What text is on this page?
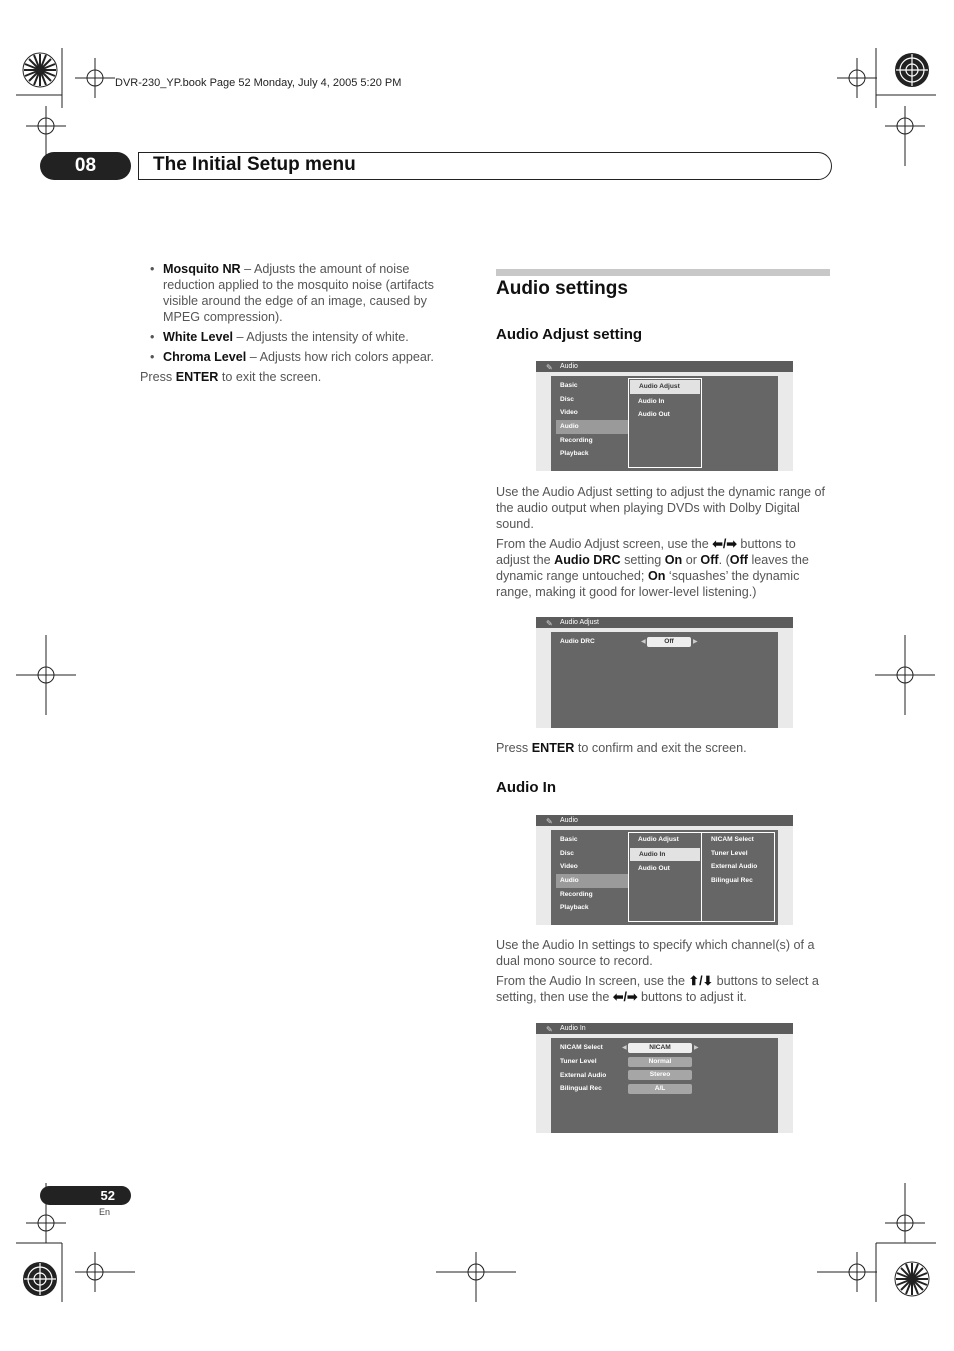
DVR-230_YP.book Page 52 Monday, July 4, 2005 5:20 PM
08	The Initial Setup menu
• Mosquito NR – Adjusts the amount of noise reduction applied to the mosquito noise (artifacts visible around the edge of an image, caused by MPEG compression).
• White Level – Adjusts the intensity of white.
• Chroma Level – Adjusts how rich colors appear.

Press ENTER to exit the screen.

Audio settings
Audio Adjust setting
✎ Audio
Basic
Disc
Video
Audio
Recording
Playback
Audio Adjust
Audio In
Audio Out

Use the Audio Adjust setting to adjust the dynamic range of the audio output when playing DVDs with Dolby Digital sound.

From the Audio Adjust screen, use the ⬅/➡ buttons to adjust the Audio DRC setting On or Off. (Off leaves the dynamic range untouched; On ‘squashes’ the dynamic range, making it good for lower-level listening.)

✎ Audio Adjust
Audio DRC	◀	Off	▶

Press ENTER to confirm and exit the screen.

Audio In
✎ Audio
Basic
Disc
Video
Audio
Recording
Playback
Audio Adjust
Audio In
Audio Out
NICAM Select
Tuner Level
External Audio
Bilingual Rec

Use the Audio In settings to specify which channel(s) of a dual mono source to record.

From the Audio In screen, use the ⬆/⬇ buttons to select a setting, then use the ⬅/➡ buttons to adjust it.

✎ Audio In
NICAM Select	◀	NICAM	▶
Tuner Level	Normal
External Audio	Stereo
Bilingual Rec	A/L
52
En
